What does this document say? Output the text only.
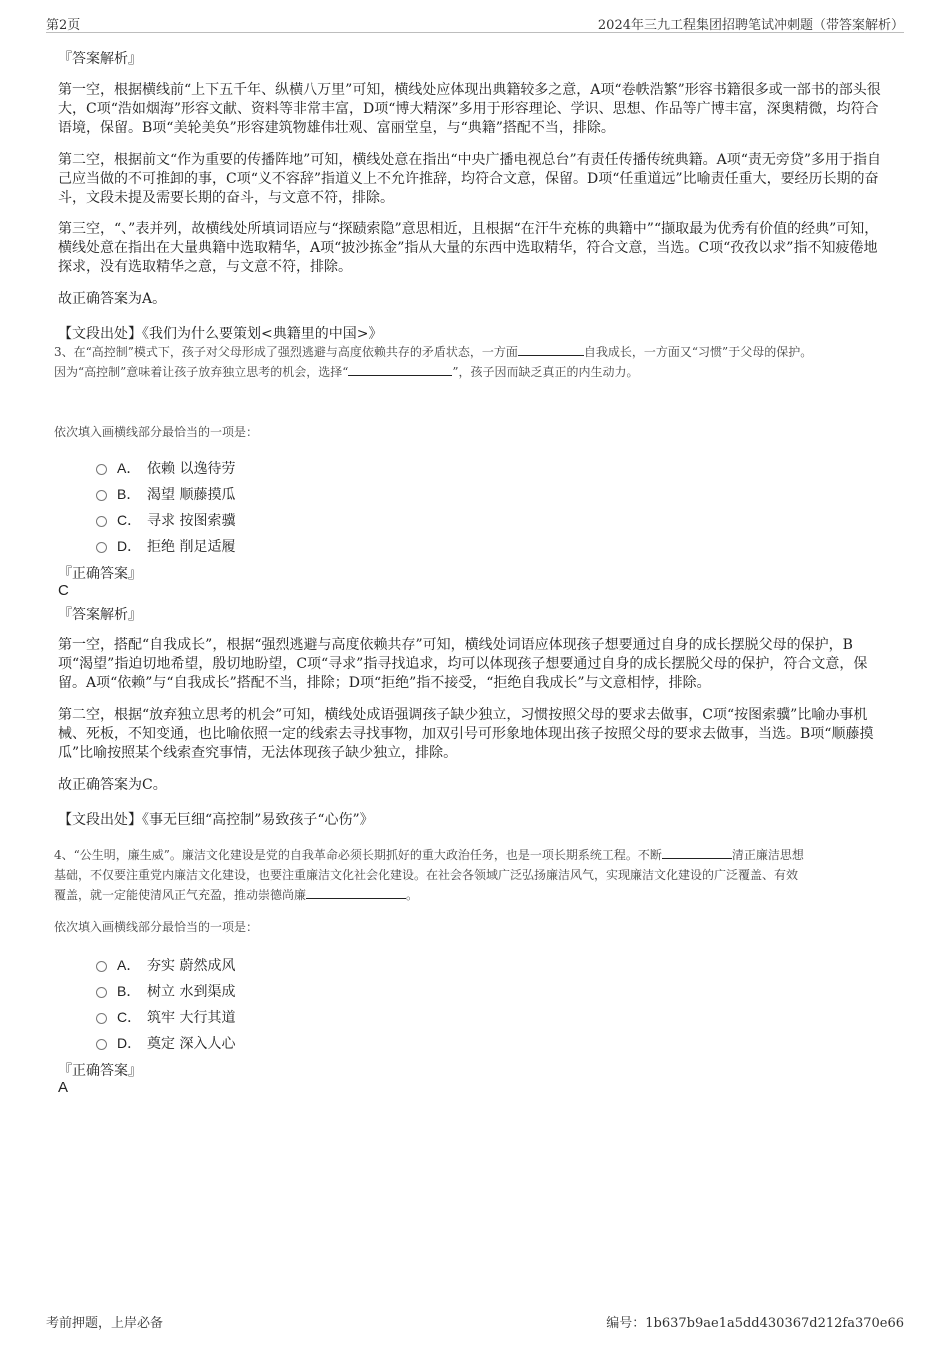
第2页	2024年三九工程集团招聘笔试冲刺题（带答案解析）
『答案解析』
第一空，根据横线前“上下五千年、纵横八万里”可知，横线处应体现出典籍较多之意，A项“卷帙浩繁”形容书籍很多或一部书的部头很大，C项“浩如烟海”形容文献、资料等非常丰富，D项“博大精深”多用于形容理论、学识、思想、作品等广博丰富，深奥精微，均符合语境，保留。B项“美轮美奂”形容建筑物雄伟壮观、富丽堂皇，与“典籍”搭配不当，排除。
第二空，根据前文“作为重要的传播阵地”可知，横线处意在指出“中央广播电视总台”有责任传播传统典籍。A项“责无旁贷”多用于指自己应当做的不可推卸的事，C项“义不容辞”指道义上不允许推辞，均符合文意，保留。D项“任重道远”比喻责任重大，要经历长期的奋斗，文段未提及需要长期的奋斗，与文意不符，排除。
第三空，“、”表并列，故横线处所填词语应与“探赜索隐”意思相近，且根据“在汗牛充栋的典籍中”“撷取最为优秀有价值的经典”可知，横线处意在指出在大量典籍中选取精华，A项“披沙拣金”指从大量的东西中选取精华，符合文意，当选。C项“孜孜以求”指不知疲倦地探求，没有选取精华之意，与文意不符，排除。
故正确答案为A。
【文段出处】《我们为什么要策划<典籍里的中国>》
3、在“高控制”模式下，孩子对父母形成了强烈逃避与高度依赖共存的矛盾状态，一方面	自我成长，一方面又“习惯”于父母的保护。
因为“高控制”意味着让孩子放弃独立思考的机会，选择“	”，孩子因而缺乏真正的内生动力。
依次填入画横线部分最恰当的一项是：
A． 依赖 以逸待劳
B． 渴望 顺藤摸瓜
C． 寻求 按图索骥
D． 拒绝 削足适履
『正确答案』
C
『答案解析』
第一空，搭配“自我成长”，根据“强烈逃避与高度依赖共存”可知，横线处词语应体现孩子想要通过自身的成长摆脱父母的保护，B项“渴望”指迫切地希望，殷切地盼望，C项“寻求”指寻找追求，均可以体现孩子想要通过自身的成长摆脱父母的保护，符合文意，保留。A项“依赖”与“自我成长”搭配不当，排除；D项“拒绝”指不接受，“拒绝自我成长”与文意相悖，排除。
第二空，根据“放弃独立思考的机会”可知，横线处成语强调孩子缺少独立，习惯按照父母的要求去做事，C项“按图索骥”比喻办事机械、死板，不知变通，也比喻依照一定的线索去寻找事物，加双引号可形象地体现出孩子按照父母的要求去做事，当选。B项“顺藤摸瓜”比喻按照某个线索查究事情，无法体现孩子缺少独立，排除。
故正确答案为C。
【文段出处】《事无巨细“高控制”易致孩子“心伤”》
4、“公生明，廉生威”。廉洁文化建设是党的自我革命必须长期抓好的重大政治任务，也是一项长期系统工程。不断	清正廉洁思想
基础，不仅要注重党内廉洁文化建设，也要注重廉洁文化社会化建设。在社会各领域广泛弘扬廉洁风气，实现廉洁文化建设的广泛覆盖、有效
覆盖，就一定能使清风正气充盈，推动崇德尚廉	。
依次填入画横线部分最恰当的一项是：
A． 夯实 蔚然成风
B． 树立 水到渠成
C． 筑牢 大行其道
D． 奠定 深入人心
『正确答案』
A
考前押题，上岸必备	编号：1b637b9ae1a5dd430367d212fa370e66
